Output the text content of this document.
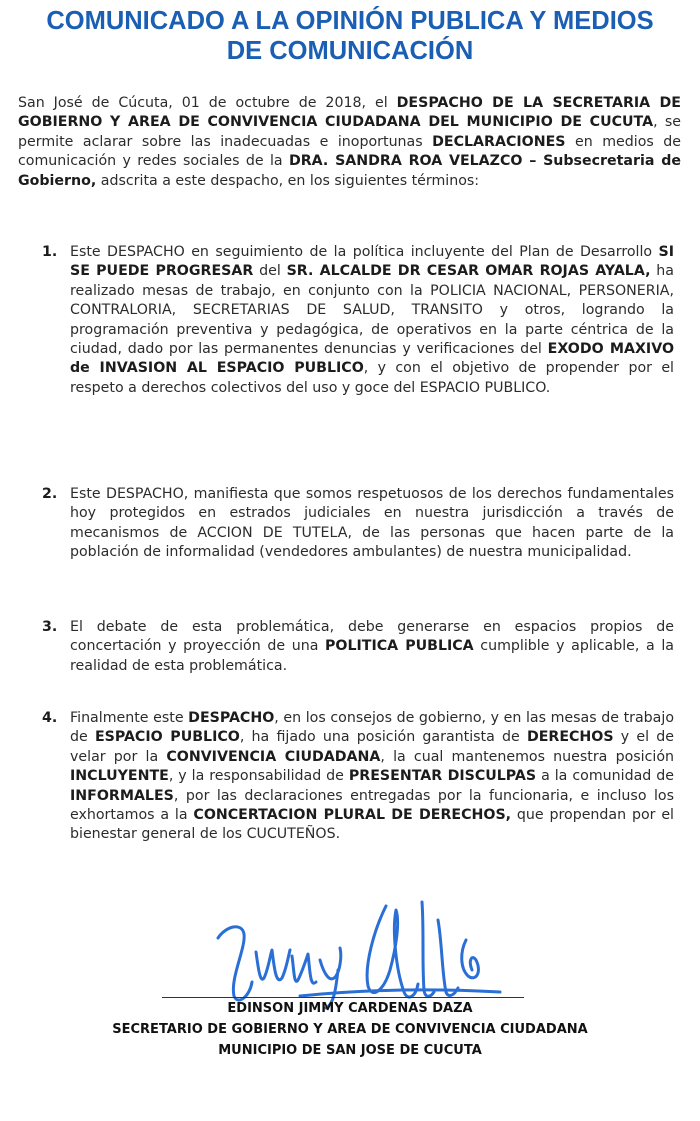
COMUNICADO A LA OPINIÓN PUBLICA Y MEDIOS
DE COMUNICACIÓN

San José de Cúcuta, 01 de octubre de 2018, el DESPACHO DE LA SECRETARIA DE GOBIERNO Y AREA DE CONVIVENCIA CIUDADANA DEL MUNICIPIO DE CUCUTA, se permite aclarar sobre las inadecuadas e inoportunas DECLARACIONES en medios de comunicación y redes sociales de la DRA. SANDRA ROA VELAZCO – Subsecretaria de Gobierno, adscrita a este despacho, en los siguientes términos:

1. Este DESPACHO en seguimiento de la política incluyente del Plan de Desarrollo SI SE PUEDE PROGRESAR del SR. ALCALDE DR CESAR OMAR ROJAS AYALA, ha realizado mesas de trabajo, en conjunto con la POLICIA NACIONAL, PERSONERIA, CONTRALORIA, SECRETARIAS DE SALUD, TRANSITO y otros, logrando la programación preventiva y pedagógica, de operativos en la parte céntrica de la ciudad, dado por las permanentes denuncias y verificaciones del EXODO MAXIVO de INVASION AL ESPACIO PUBLICO, y con el objetivo de propender por el respeto a derechos colectivos del uso y goce del ESPACIO PUBLICO.

2. Este DESPACHO, manifiesta que somos respetuosos de los derechos fundamentales hoy protegidos en estrados judiciales en nuestra jurisdicción a través de mecanismos de ACCION DE TUTELA, de las personas que hacen parte de la población de informalidad (vendedores ambulantes) de nuestra municipalidad.

3. El debate de esta problemática, debe generarse en espacios propios de concertación y proyección de una POLITICA PUBLICA cumplible y aplicable, a la realidad de esta problemática.

4. Finalmente este DESPACHO, en los consejos de gobierno, y en las mesas de trabajo de ESPACIO PUBLICO, ha fijado una posición garantista de DERECHOS y el de velar por la CONVIVENCIA CIUDADANA, la cual mantenemos nuestra posición INCLUYENTE, y la responsabilidad de PRESENTAR DISCULPAS a la comunidad de INFORMALES, por las declaraciones entregadas por la funcionaria, e incluso los exhortamos a la CONCERTACION PLURAL DE DERECHOS, que propendan por el bienestar general de los CUCUTEÑOS.

EDINSON JIMMY CARDENAS DAZA
SECRETARIO DE GOBIERNO Y AREA DE CONVIVENCIA CIUDADANA
MUNICIPIO DE SAN JOSE DE CUCUTA
